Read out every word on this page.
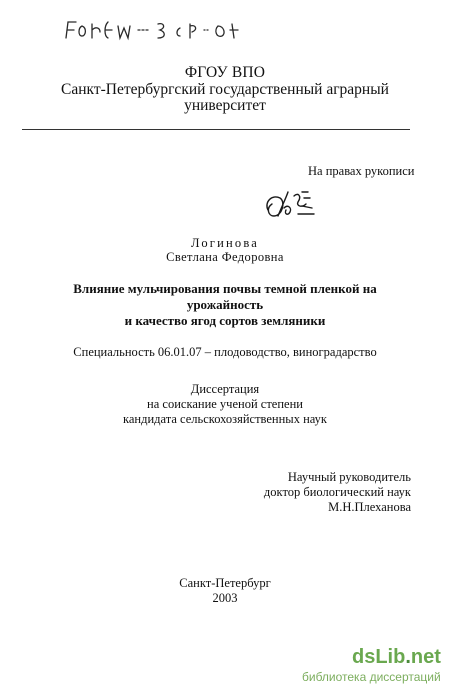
ФГОУ ВПО
Санкт-Петербургский государственный аграрный
университет
На правах рукописи
Логинова
Светлана Федоровна
Влияние мульчирования почвы темной пленкой на
урожайность
и качество ягод сортов земляники
Специальность 06.01.07 – плодоводство, виноградарство
Диссертация
на соискание ученой степени
кандидата сельскохозяйственных наук
Научный руководитель
доктор биологический наук
М.Н.Плеханова
Санкт-Петербург
2003
dsLib.net
библиотека диссертаций
